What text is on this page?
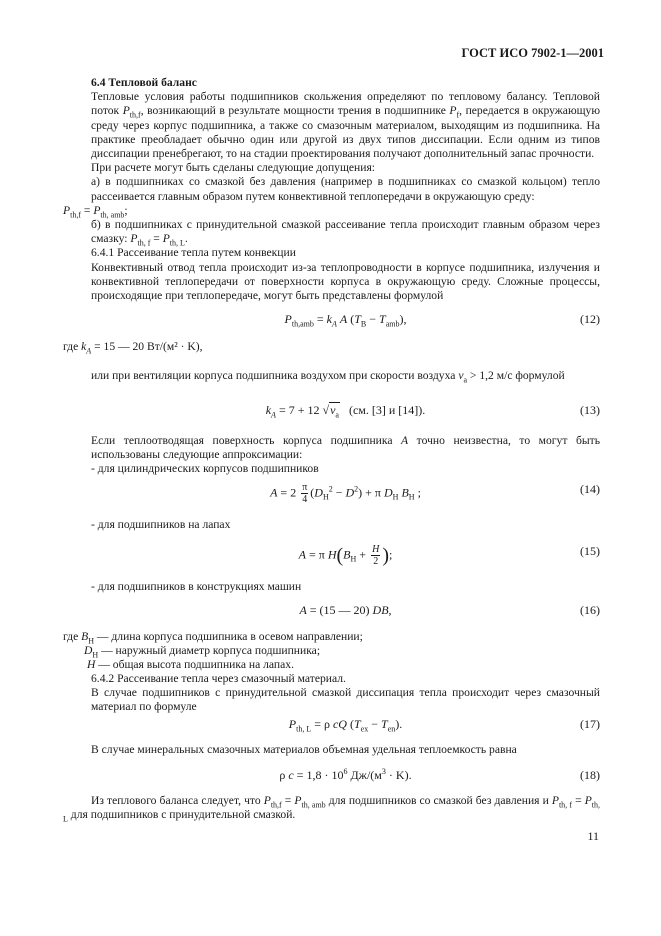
ГОСТ ИСО 7902-1—2001

6.4 Тепловой баланс

Тепловые условия работы подшипников скольжения определяют по тепловому балансу. Тепловой поток $P_{th,f}$, возникающий в результате мощности трения в подшипнике $P_f$, передается в окружающую среду через корпус подшипника, а также со смазочным материалом, выходящим из подшипника. На практике преобладает обычно один или другой из двух типов диссипации. Если одним из типов диссипации пренебрегают, то на стадии проектирования получают дополнительный запас прочности.

При расчете могут быть сделаны следующие допущения:

а) в подшипниках со смазкой без давления (например в подшипниках со смазкой кольцом) тепло рассеивается главным образом путем конвективной теплопередачи в окружающую среду:

$P_{th,f} = P_{th, amb}$;

б) в подшипниках с принудительной смазкой рассеивание тепла происходит главным образом через смазку: $P_{th, f} = P_{th, L}$.

6.4.1 Рассеивание тепла путем конвекции

Конвективный отвод тепла происходит из-за теплопроводности в корпусе подшипника, излучения и конвективной теплопередачи от поверхности корпуса в окружающую среду. Сложные процессы, происходящие при теплопередаче, могут быть представлены формулой

$P_{th,amb} = k_A$ A $(T_B - T_{amb})$,	(12)

где $k_A = 15$ — 20 Вт/(м² · K),

или при вентиляции корпуса подшипника воздухом при скорости воздуха $v_a > 1,2$ м/с формулой

$k_A = 7 + 12$ $√v_a$ (см. [3] и [14]).	(13)

Если теплоотводящая поверхность корпуса подшипника A точно неизвестна, то могут быть использованы следующие аппроксимации:

- для цилиндрических корпусов подшипников

$A = 2 \frac{\pi}{4} (D_H^2 - D^2) + \pi$ $D_H$ $B_H$ ;	(14)

- для подшипников на лапах

A = π $H(B_H + \frac{H}{2}$ );	(15)

- для подшипников в конструкциях машин

A = (15 — 20) DB,	(16)

где $B_H$ — длина корпуса подшипника в осевом направлении;

$D_H$ — наружный диаметр корпуса подшипника;

H — общая высота подшипника на лапах.

6.4.2 Рассеивание тепла через смазочный материал.

В случае подшипников с принудительной смазкой диссипация тепла происходит через смазочный материал по формуле

$P_{th, L} = \rho$ cQ $(T_{ex} - T_{en})$.	(17)

В случае минеральных смазочных материалов объемная удельная теплоемкость равна

ρ $c = 1,8 \cdot 10^6$ $Дж/(м^3 \cdot K)$.	(18)

Из теплового баланса следует, что $P_{th,f} = P_{th, amb}$ для подшипников со смазкой без давления и $P_{th, f} = P_{th, L}$ для подшипников с принудительной смазкой.

11
